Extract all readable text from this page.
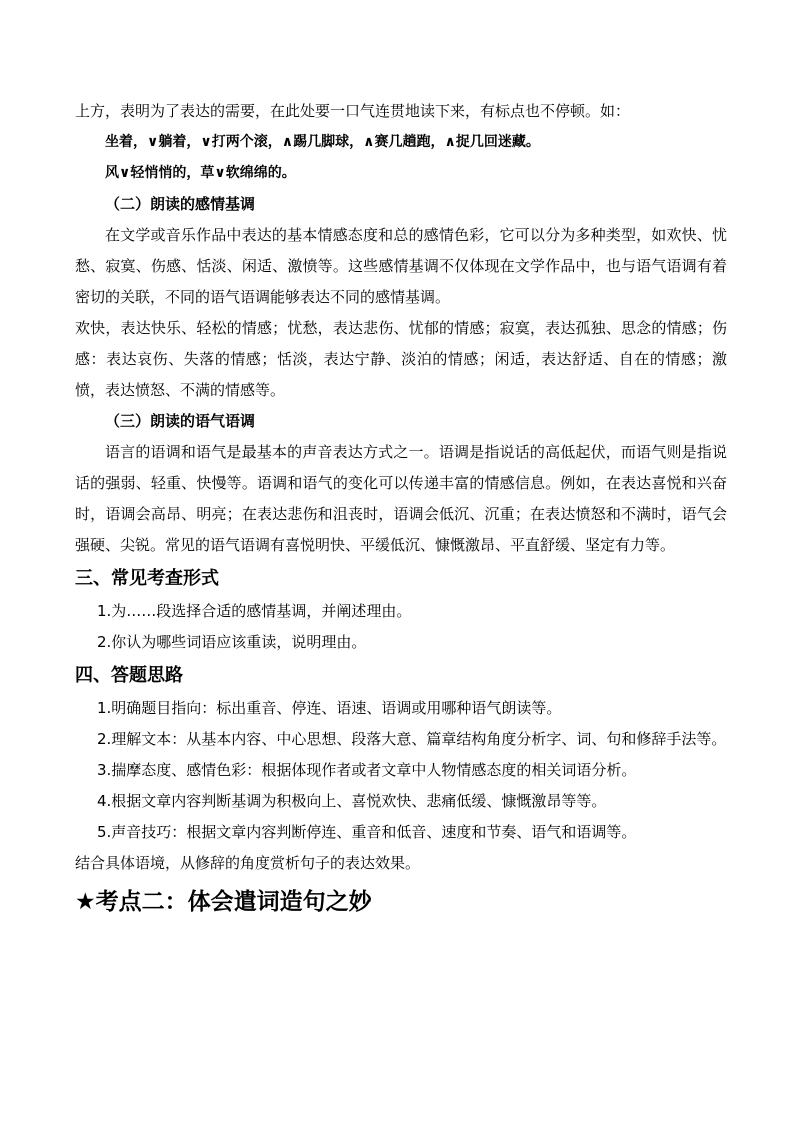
上方，表明为了表达的需要，在此处要一口气连贯地读下来，有标点也不停顿。如：

坐着，∨躺着，∨打两个滚，∧踢几脚球，∧赛几趟跑，∧捉几回迷藏。

风∨轻悄悄的，草∨软绵绵的。

（二）朗读的感情基调

在文学或音乐作品中表达的基本情感态度和总的感情色彩，它可以分为多种类型，如欢快、忧愁、寂寞、伤感、恬淡、闲适、激愤等。这些感情基调不仅体现在文学作品中，也与语气语调有着密切的关联，不同的语气语调能够表达不同的感情基调。

欢快，表达快乐、轻松的情感；忧愁，表达悲伤、忧郁的情感；寂寞，表达孤独、思念的情感；伤感：表达哀伤、失落的情感；恬淡，表达宁静、淡泊的情感；闲适，表达舒适、自在的情感；激愤，表达愤怒、不满的情感等。

（三）朗读的语气语调

语言的语调和语气是最基本的声音表达方式之一。语调是指说话的高低起伏，而语气则是指说话的强弱、轻重、快慢等。语调和语气的变化可以传递丰富的情感信息。例如，在表达喜悦和兴奋时，语调会高昂、明亮；在表达悲伤和沮丧时，语调会低沉、沉重；在表达愤怒和不满时，语气会强硬、尖锐。常见的语气语调有喜悦明快、平缓低沉、慷慨激昂、平直舒缓、坚定有力等。

三、常见考查形式

1.为……段选择合适的感情基调，并阐述理由。

2.你认为哪些词语应该重读，说明理由。

四、答题思路

1.明确题目指向：标出重音、停连、语速、语调或用哪种语气朗读等。

2.理解文本：从基本内容、中心思想、段落大意、篇章结构角度分析字、词、句和修辞手法等。

3.揣摩态度、感情色彩：根据体现作者或者文章中人物情感态度的相关词语分析。

4.根据文章内容判断基调为积极向上、喜悦欢快、悲痛低缓、慷慨激昂等等。

5.声音技巧：根据文章内容判断停连、重音和低音、速度和节奏、语气和语调等。

结合具体语境，从修辞的角度赏析句子的表达效果。

★考点二：体会遣词造句之妙
